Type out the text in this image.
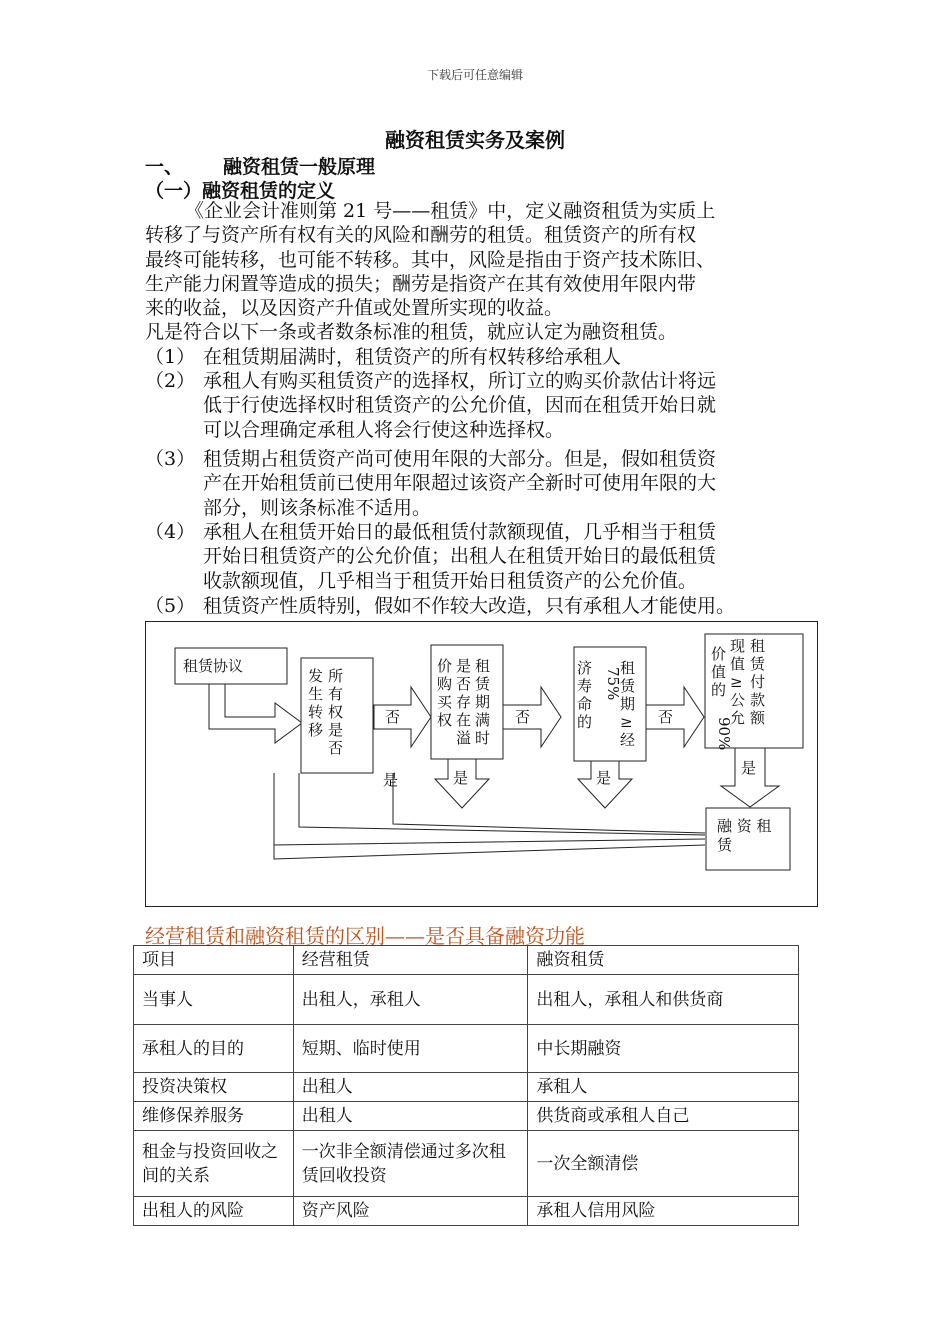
下载后可任意编辑
融资租赁实务及案例
一、 融资租赁一般原理
（一）融资租赁的定义
《企业会计准则第 21 号——租赁》中，定义融资租赁为实质上
转移了与资产所有权有关的风险和酬劳的租赁。租赁资产的所有权
最终可能转移，也可能不转移。其中，风险是指由于资产技术陈旧、
生产能力闲置等造成的损失；酬劳是指资产在其有效使用年限内带
来的收益，以及因资产升值或处置所实现的收益。
凡是符合以下一条或者数条标准的租赁，就应认定为融资租赁。
（1） 在租赁期届满时，租赁资产的所有权转移给承租人
（2） 承租人有购买租赁资产的选择权，所订立的购买价款估计将远
低于行使选择权时租赁资产的公允价值，因而在租赁开始日就
可以合理确定承租人将会行使这种选择权。
（3） 租赁期占租赁资产尚可使用年限的大部分。但是，假如租赁资
产在开始租赁前已使用年限超过该资产全新时可使用年限的大
部分，则该条标准不适用。
（4） 承租人在租赁开始日的最低租赁付款额现值，几乎相当于租赁
开始日租赁资产的公允价值；出租人在租赁开始日的最低租赁
收款额现值，几乎相当于租赁开始日租赁资产的公允价值。
（5） 租赁资产性质特别，假如不作较大改造，只有承租人才能使用。
租赁协议
发生转移
所有权是否
否
价购买权
是否存在溢
租赁期满时
是
否
济寿命的
75%
租赁期≥经
是
否
价值的
90%
现值≥公允
租赁付款额
是
融 资 租
赁
是
经营租赁和融资租赁的区别——是否具备融资功能
项目	经营租赁	融资租赁
当事人	出租人，承租人	出租人，承租人和供货商
承租人的目的	短期、临时使用	中长期融资
投资决策权	出租人	承租人
维修保养服务	出租人	供货商或承租人自己
租金与投资回收之间的关系	一次非全额清偿通过多次租赁回收投资	一次全额清偿
出租人的风险	资产风险	承租人信用风险
